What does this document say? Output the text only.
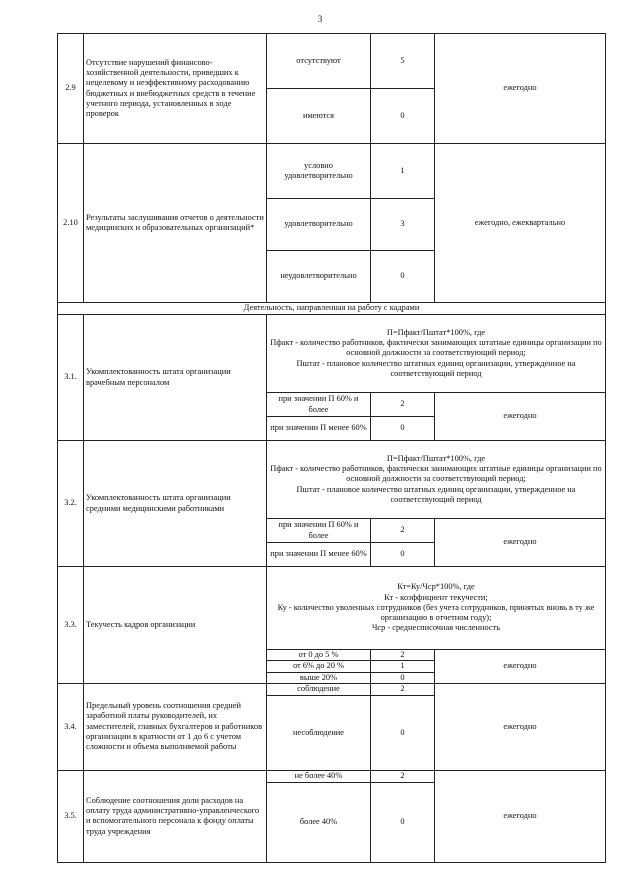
3
2.9	Отсутствие нарушений финансово-хозяйственной деятельности, приведших к нецелевому и неэффективному расходованию бюджетных и внебюджетных средств в течение учетного периода, установленных в ходе проверок	отсутствуют	5	ежегодно
		имеются	0	
2.10	Результаты заслушивания отчетов о деятельности медицинских и образовательных организаций*	условно удовлетворительно	1	ежегодно, ежеквартально
		удовлетворительно	3	
		неудовлетворительно	0	
Деятельность, направленная на работу с кадрами				
3.1.	Укомплектованность штата организации врачебным персоналом	П=Пфакт/Пштат*100%, где
Пфакт - количество работников, фактически занимающих штатные единицы организации по основной должности за соответствующий период;
Пштат - плановое количество штатных единиц организации, утвержденное на соответствующий период		

		при значении П 60% и более	2	ежегодно
		при значении П менее 60%	0	
3.2.	Укомплектованность штата организации средними медицинскими работниками	П=Пфакт/Пштат*100%, где
Пфакт - количество работников, фактически занимающих штатные единицы организации по основной должности за соответствующий период;
Пштат - плановое количество штатных единиц организации, утвержденное на соответствующий период		

		при значении П 60% и более	2	ежегодно
		при значении П менее 60%	0	
3.3.	Текучесть кадров организации	Кт=Ку/Чср*100%, где
Кт - коэффициент текучести;
Ку - количество уволенных сотрудников (без учета сотрудников, принятых вновь в ту же организацию в отчетном году);
Чср - среднесписочная численность		

		от 0 до 5 %	2	ежегодно
		от 6% до 20 %	1	
		выше 20%	0	
3.4.	Предельный уровень соотношения средней заработной платы руководителей, их заместителей, главных бухгалтеров и работников организации в кратности от 1 до 6 с учетом сложности и объема выполняемой работы	соблюдение	2	ежегодно
		несоблюдение	0	
3.5.	Соблюдение соотношения доли расходов на оплату труда административно-управленческого и вспомогательного персонала к фонду оплаты труда учреждения	не более 40%	2	ежегодно
		более 40%	0	
